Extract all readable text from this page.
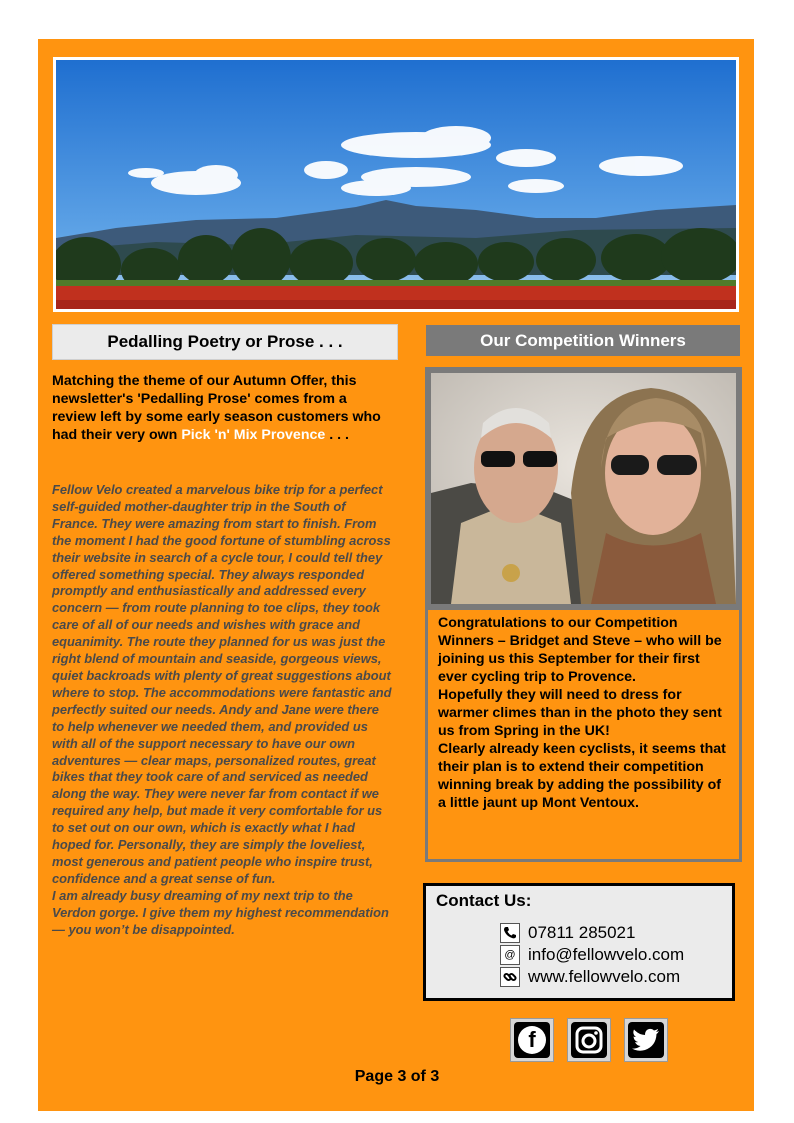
Pedalling Poetry or Prose . . .	Our Competition Winners
Matching the theme of our Autumn Offer, this newsletter's 'Pedalling Prose' comes from a review left by some early season customers who had their very own Pick 'n' Mix Provence . . .

Fellow Velo created a marvelous bike trip for a perfect self-guided mother-daughter trip in the South of France. They were amazing from start to finish. From the moment I had the good fortune of stumbling across their website in search of a cycle tour, I could tell they offered something special. They always responded promptly and enthusiastically and addressed every concern — from route planning to toe clips, they took care of all of our needs and wishes with grace and equanimity. The route they planned for us was just the right blend of mountain and seaside, gorgeous views, quiet backroads with plenty of great suggestions about where to stop. The accommodations were fantastic and perfectly suited our needs. Andy and Jane were there to help whenever we needed them, and provided us with all of the support necessary to have our own adventures — clear maps, personalized routes, great bikes that they took care of and serviced as needed along the way. They were never far from contact if we required any help, but made it very comfortable for us to set out on our own, which is exactly what I had hoped for. Personally, they are simply the loveliest, most generous and patient people who inspire trust, confidence and a great sense of fun.

I am already busy dreaming of my next trip to the Verdon gorge. I give them my highest recommendation — you won’t be disappointed.

Congratulations to our Competition Winners – Bridget and Steve – who will be joining us this September for their first ever cycling trip to Provence.

Hopefully they will need to dress for warmer climes than in the photo they sent us from Spring in the UK!

Clearly already keen cyclists, it seems that their plan is to extend their competition winning break by adding the possibility of a little jaunt up Mont Ventoux.

Contact Us:
07811 285021
@ info@fellowvelo.com
www.fellowvelo.com
f
Page 3 of 3
